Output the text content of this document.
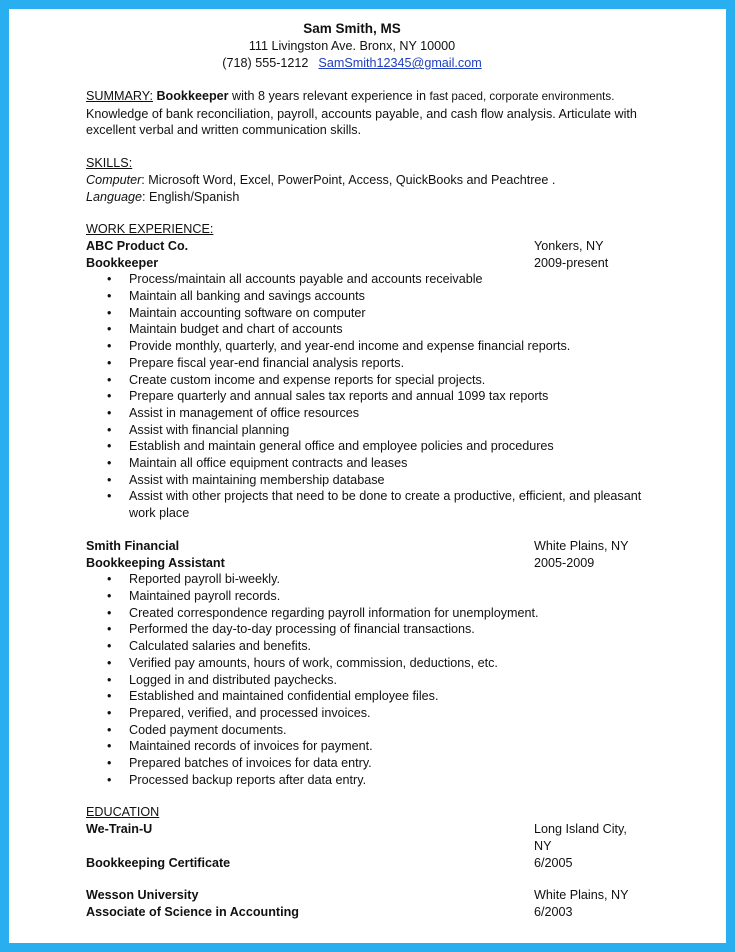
Sam Smith, MS
111 Livingston Ave. Bronx, NY 10000
(718) 555-1212 SamSmith12345@gmail.com
SUMMARY: Bookkeeper with 8 years relevant experience in fast paced, corporate environments.
Knowledge of bank reconciliation, payroll, accounts payable, and cash flow analysis. Articulate with excellent verbal and written communication skills.
SKILLS:
Computer: Microsoft Word, Excel, PowerPoint, Access, QuickBooks and Peachtree .
Language: English/Spanish
WORK EXPERIENCE:
ABC Product Co.	Yonkers, NY
Bookkeeper	2009-present
• Process/maintain all accounts payable and accounts receivable
• Maintain all banking and savings accounts
• Maintain accounting software on computer
• Maintain budget and chart of accounts
• Provide monthly, quarterly, and year-end income and expense financial reports.
• Prepare fiscal year-end financial analysis reports.
• Create custom income and expense reports for special projects.
• Prepare quarterly and annual sales tax reports and annual 1099 tax reports
• Assist in management of office resources
• Assist with financial planning
• Establish and maintain general office and employee policies and procedures
• Maintain all office equipment contracts and leases
• Assist with maintaining membership database
• Assist with other projects that need to be done to create a productive, efficient, and pleasant work place
Smith Financial	White Plains, NY
Bookkeeping Assistant	2005-2009
• Reported payroll bi-weekly.
• Maintained payroll records.
• Created correspondence regarding payroll information for unemployment.
• Performed the day-to-day processing of financial transactions.
• Calculated salaries and benefits.
• Verified pay amounts, hours of work, commission, deductions, etc.
• Logged in and distributed paychecks.
• Established and maintained confidential employee files.
• Prepared, verified, and processed invoices.
• Coded payment documents.
• Maintained records of invoices for payment.
• Prepared batches of invoices for data entry.
• Processed backup reports after data entry.
EDUCATION
We-Train-U	Long Island City, NY
Bookkeeping Certificate	6/2005
Wesson University	White Plains, NY
Associate of Science in Accounting	6/2003
